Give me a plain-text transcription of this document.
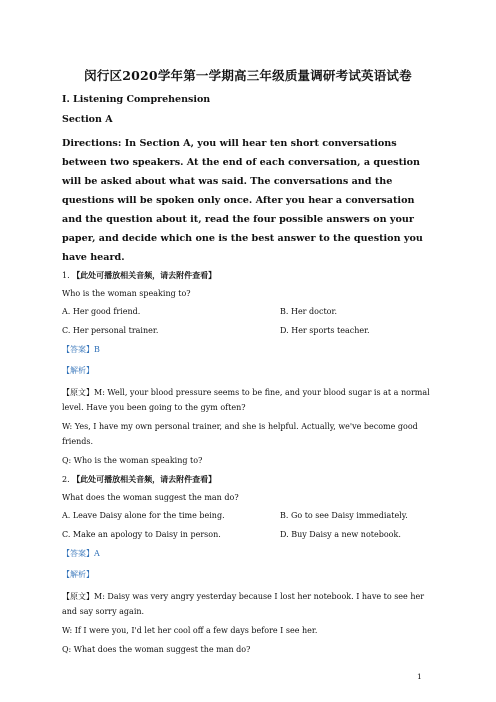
闵行区2020学年第一学期高三年级质量调研考试英语试卷
I. Listening Comprehension
Section A
Directions: In Section A, you will hear ten short conversations between two speakers. At the end of each conversation, a question will be asked about what was said. The conversations and the questions will be spoken only once. After you hear a conversation and the question about it, read the four possible answers on your paper, and decide which one is the best answer to the question you have heard.
1. 【此处可播放相关音频，请去附件查看】
Who is the woman speaking to?
A. Her good friend.	B. Her doctor.
C. Her personal trainer.	D. Her sports teacher.
【答案】B
【解析】
【原文】M: Well, your blood pressure seems to be fine, and your blood sugar is at a normal level. Have you been going to the gym often?
W: Yes, I have my own personal trainer, and she is helpful. Actually, we've become good friends.
Q: Who is the woman speaking to?
2. 【此处可播放相关音频，请去附件查看】
What does the woman suggest the man do?
A. Leave Daisy alone for the time being.	B. Go to see Daisy immediately.
C. Make an apology to Daisy in person.	D. Buy Daisy a new notebook.
【答案】A
【解析】
【原文】M: Daisy was very angry yesterday because I lost her notebook. I have to see her and say sorry again.
W: If I were you, I'd let her cool off a few days before I see her.
Q: What does the woman suggest the man do?
1
